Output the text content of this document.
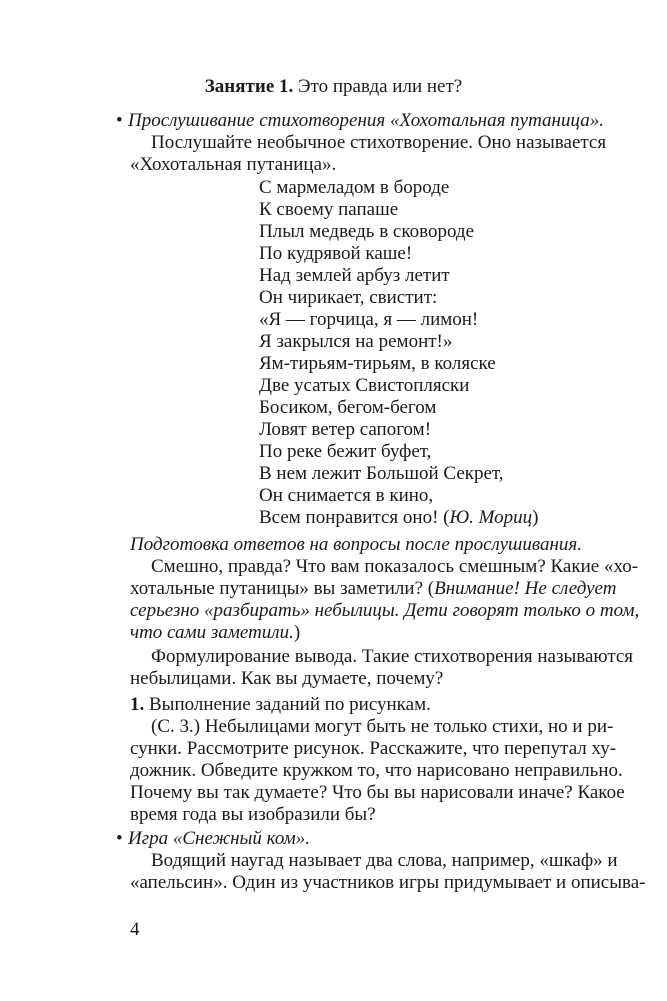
Занятие 1. Это правда или нет?
• Прослушивание стихотворения «Хохотальная путаница».
Послушайте необычное стихотворение. Оно называется
«Хохотальная путаница».
С мармеладом в бороде
К своему папаше
Плыл медведь в сковороде
По кудрявой каше!
Над землей арбуз летит
Он чирикает, свистит:
«Я — горчица, я — лимон!
Я закрылся на ремонт!»
Ям-тирьям-тирьям, в коляске
Две усатых Свистопляски
Босиком, бегом-бегом
Ловят ветер сапогом!
По реке бежит буфет,
В нем лежит Большой Секрет,
Он снимается в кино,
Всем понравится оно! (Ю. Мориц)
Подготовка ответов на вопросы после прослушивания.
Смешно, правда? Что вам показалось смешным? Какие «хо-
хотальные путаницы» вы заметили? (Внимание! Не следует
серьезно «разбирать» небылицы. Дети говорят только о том,
что сами заметили.)
Формулирование вывода. Такие стихотворения называются
небылицами. Как вы думаете, почему?
1. Выполнение заданий по рисункам.
(С. 3.) Небылицами могут быть не только стихи, но и ри-
сунки. Рассмотрите рисунок. Расскажите, что перепутал ху-
дожник. Обведите кружком то, что нарисовано неправильно.
Почему вы так думаете? Что бы вы нарисовали иначе? Какое
время года вы изобразили бы?
• Игра «Снежный ком».
Водящий наугад называет два слова, например, «шкаф» и
«апельсин». Один из участников игры придумывает и описыва-
4
